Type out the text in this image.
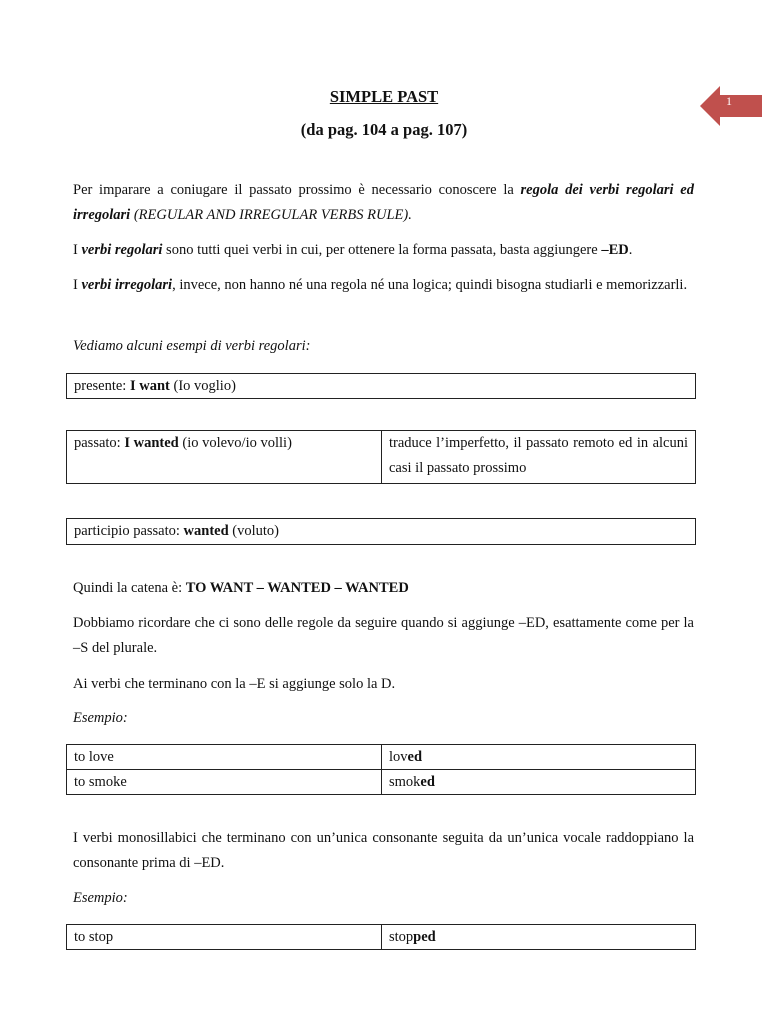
SIMPLE PAST
(da pag. 104 a pag. 107)
1

Per imparare a coniugare il passato prossimo è necessario conoscere la regola dei verbi regolari ed irregolari (REGULAR AND IRREGULAR VERBS RULE).

I verbi regolari sono tutti quei verbi in cui, per ottenere la forma passata, basta aggiungere –ED.

I verbi irregolari, invece, non hanno né una regola né una logica; quindi bisogna studiarli e memorizzarli.

Vediamo alcuni esempi di verbi regolari:

presente: I want (Io voglio)
passato: I wanted (io volevo/io volli)	traduce l’imperfetto, il passato remoto ed in alcuni casi il passato prossimo
participio passato: wanted (voluto)

Quindi la catena è: TO WANT – WANTED – WANTED

Dobbiamo ricordare che ci sono delle regole da seguire quando si aggiunge –ED, esattamente come per la –S del plurale.

Ai verbi che terminano con la –E si aggiunge solo la D.

Esempio:

to love	loved
to smoke	smoked

I verbi monosillabici che terminano con un’unica consonante seguita da un’unica vocale raddoppiano la consonante prima di –ED.

Esempio:

to stop	stopped
